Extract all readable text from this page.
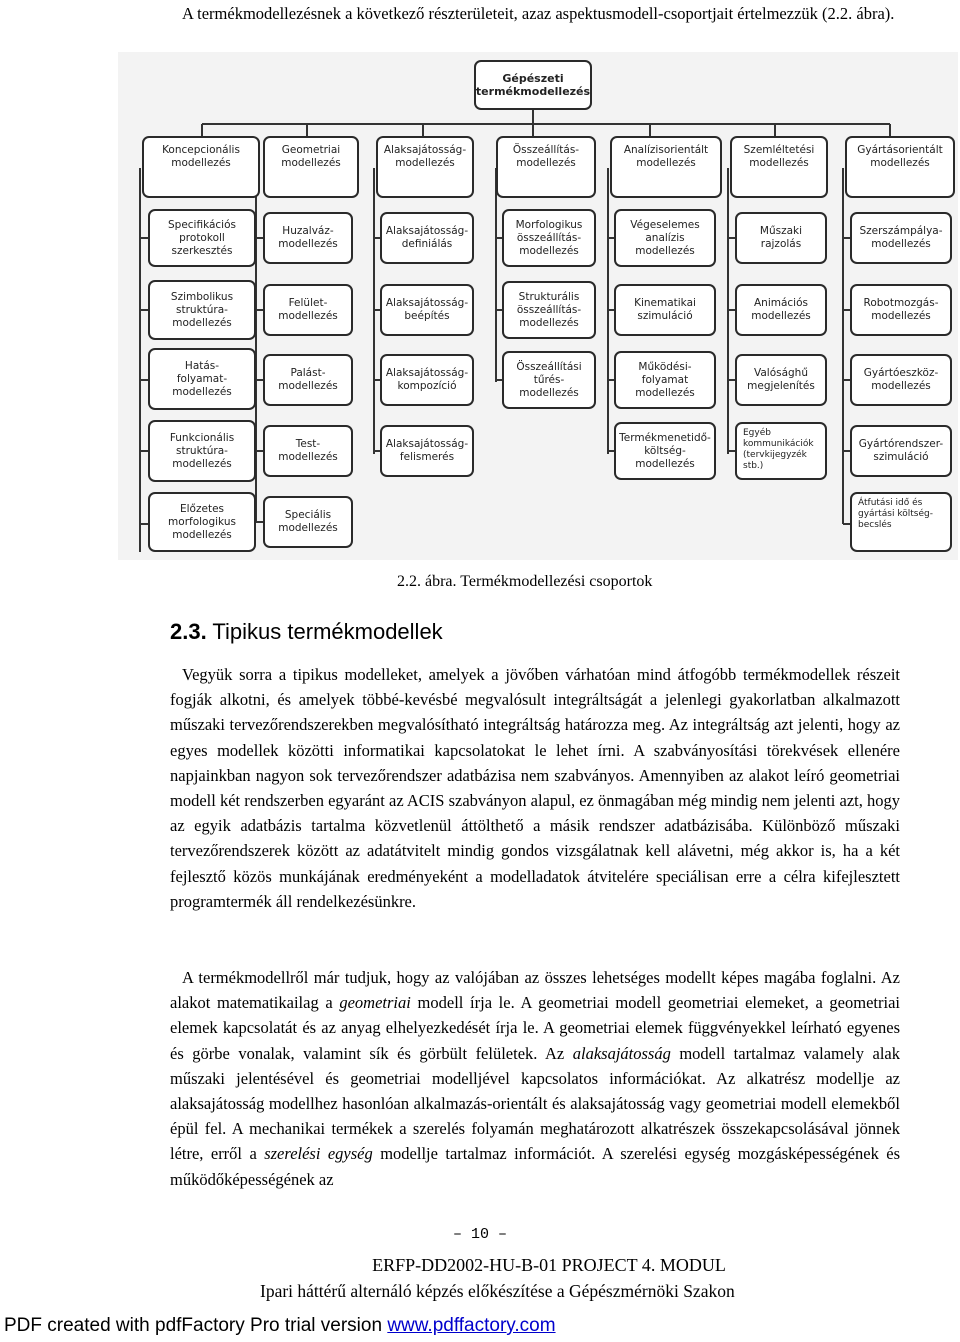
A termékmodellezésnek a következő részterületeit, azaz aspektusmodell-csoportjait értelmezzük (2.2. ábra).

Gépészeti
termékmodellezés
Koncepcionális
modellezés
Specifikációs
protokoll
szerkesztés
Szimbolikus
struktúra-
modellezés
Hatás-
folyamat-
modellezés
Funkcionális
struktúra-
modellezés
Előzetes
morfologikus
modellezés
Geometriai
modellezés
Huzalváz-
modellezés
Felület-
modellezés
Palást-
modellezés
Test-
modellezés
Speciális
modellezés
Alaksajátosság-
modellezés
Alaksajátosság-
definiálás
Alaksajátosság-
beépítés
Alaksajátosság-
kompozíció
Alaksajátosság-
felismerés
Összeállítás-
modellezés
Morfologikus
összeállítás-
modellezés
Strukturális
összeállítás-
modellezés
Összeállítási
tűrés-
modellezés
Analízisorientált
modellezés
Végeselemes
analízis
modellezés
Kinematikai
szimuláció
Működési-
folyamat
modellezés
Termékmenetidő-
költség-
modellezés
Szemléltetési
modellezés
Műszaki
rajzolás
Animációs
modellezés
Valósághű
megjelenítés
Egyéb
kommunikációk
(tervkijegyzék
stb.)
Gyártásorientált
modellezés
Szerszámpálya-
modellezés
Robotmozgás-
modellezés
Gyártóeszköz-
modellezés
Gyártórendszer-
szimuláció
Átfutási idő és
gyártási költség-
becslés
2.2. ábra. Termékmodellezési csoportok
2.3. Tipikus termékmodellek

Vegyük sorra a tipikus modelleket, amelyek a jövőben várhatóan mind átfogóbb termékmodellek részeit fogják alkotni, és amelyek többé-kevésbé megvalósult integráltságát a jelenlegi gyakorlatban alkalmazott műszaki tervezőrendszerekben megvalósítható integráltság határozza meg. Az integráltság azt jelenti, hogy az egyes modellek közötti informatikai kapcsolatokat le lehet írni. A szabványosítási törekvések ellenére napjainkban nagyon sok tervezőrendszer adatbázisa nem szabványos. Amennyiben az alakot leíró geometriai modell két rendszerben egyaránt az ACIS szabványon alapul, ez önmagában még mindig nem jelenti azt, hogy az egyik adatbázis tartalma közvetlenül áttölthető a másik rendszer adatbázisába. Különböző műszaki tervezőrendszerek között az adatátvitelt mindig gondos vizsgálatnak kell alávetni, még akkor is, ha a két fejlesztő közös munkájának eredményeként a modelladatok átvitelére speciálisan erre a célra kifejlesztett programtermék áll rendelkezésünkre.

A termékmodellről már tudjuk, hogy az valójában az összes lehetséges modellt képes magába foglalni. Az alakot matematikailag a geometriai modell írja le. A geometriai modell geometriai elemeket, a geometriai elemek kapcsolatát és az anyag elhelyezkedését írja le. A geometriai elemek függvényekkel leírható egyenes és görbe vonalak, valamint sík és görbült felületek. Az alaksajátosság modell tartalmaz valamely alak műszaki jelentésével és geometriai modelljével kapcsolatos információkat. Az alkatrész modellje az alaksajátosság modellhez hasonlóan alkalmazás-orientált és alaksajátosság vagy geometriai modell elemekből épül fel. A mechanikai termékek a szerelés folyamán meghatározott alkatrészek összekapcsolásával jönnek létre, erről a szerelési egység modellje tartalmaz információt. A szerelési egység mozgásképességének és működőképességének az

– 10 –
ERFP-DD2002-HU-B-01 PROJECT 4. MODUL
Ipari háttérű alternáló képzés előkészítése a Gépészmérnöki Szakon
PDF created with pdfFactory Pro trial version www.pdffactory.com
